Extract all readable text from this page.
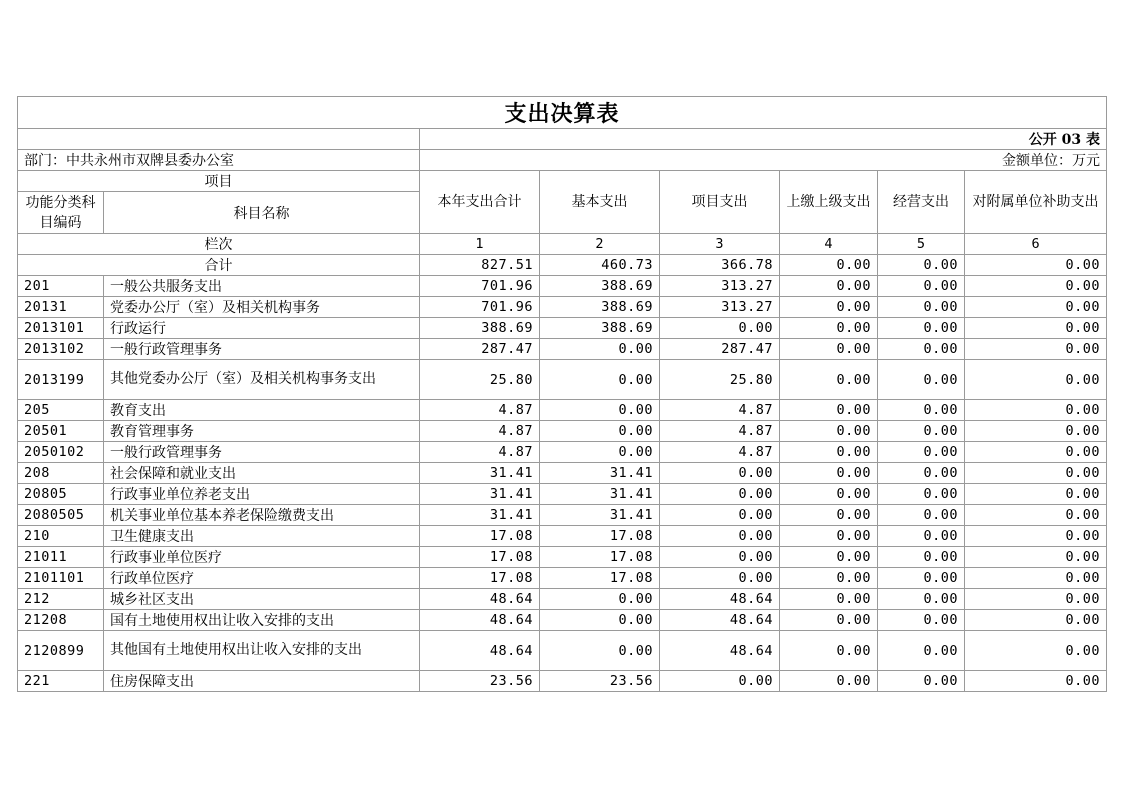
支出决算表							
		公开 03 表					
部门：中共永州市双牌县委办公室		金额单位：万元					
项目		本年支出合计	基本支出	项目支出	上缴上级支出	经营支出	对附属单位补助支出
功能分类科目编码	科目名称						
栏次		1	2	3	4	5	6
合计		827.51	460.73	366.78	0.00	0.00	0.00
201	一般公共服务支出	701.96	388.69	313.27	0.00	0.00	0.00
20131	党委办公厅（室）及相关机构事务	701.96	388.69	313.27	0.00	0.00	0.00
2013101	行政运行	388.69	388.69	0.00	0.00	0.00	0.00
2013102	一般行政管理事务	287.47	0.00	287.47	0.00	0.00	0.00
2013199	其他党委办公厅（室）及相关机构事务支出	25.80	0.00	25.80	0.00	0.00	0.00
205	教育支出	4.87	0.00	4.87	0.00	0.00	0.00
20501	教育管理事务	4.87	0.00	4.87	0.00	0.00	0.00
2050102	一般行政管理事务	4.87	0.00	4.87	0.00	0.00	0.00
208	社会保障和就业支出	31.41	31.41	0.00	0.00	0.00	0.00
20805	行政事业单位养老支出	31.41	31.41	0.00	0.00	0.00	0.00
2080505	机关事业单位基本养老保险缴费支出	31.41	31.41	0.00	0.00	0.00	0.00
210	卫生健康支出	17.08	17.08	0.00	0.00	0.00	0.00
21011	行政事业单位医疗	17.08	17.08	0.00	0.00	0.00	0.00
2101101	行政单位医疗	17.08	17.08	0.00	0.00	0.00	0.00
212	城乡社区支出	48.64	0.00	48.64	0.00	0.00	0.00
21208	国有土地使用权出让收入安排的支出	48.64	0.00	48.64	0.00	0.00	0.00
2120899	其他国有土地使用权出让收入安排的支出	48.64	0.00	48.64	0.00	0.00	0.00
221	住房保障支出	23.56	23.56	0.00	0.00	0.00	0.00
